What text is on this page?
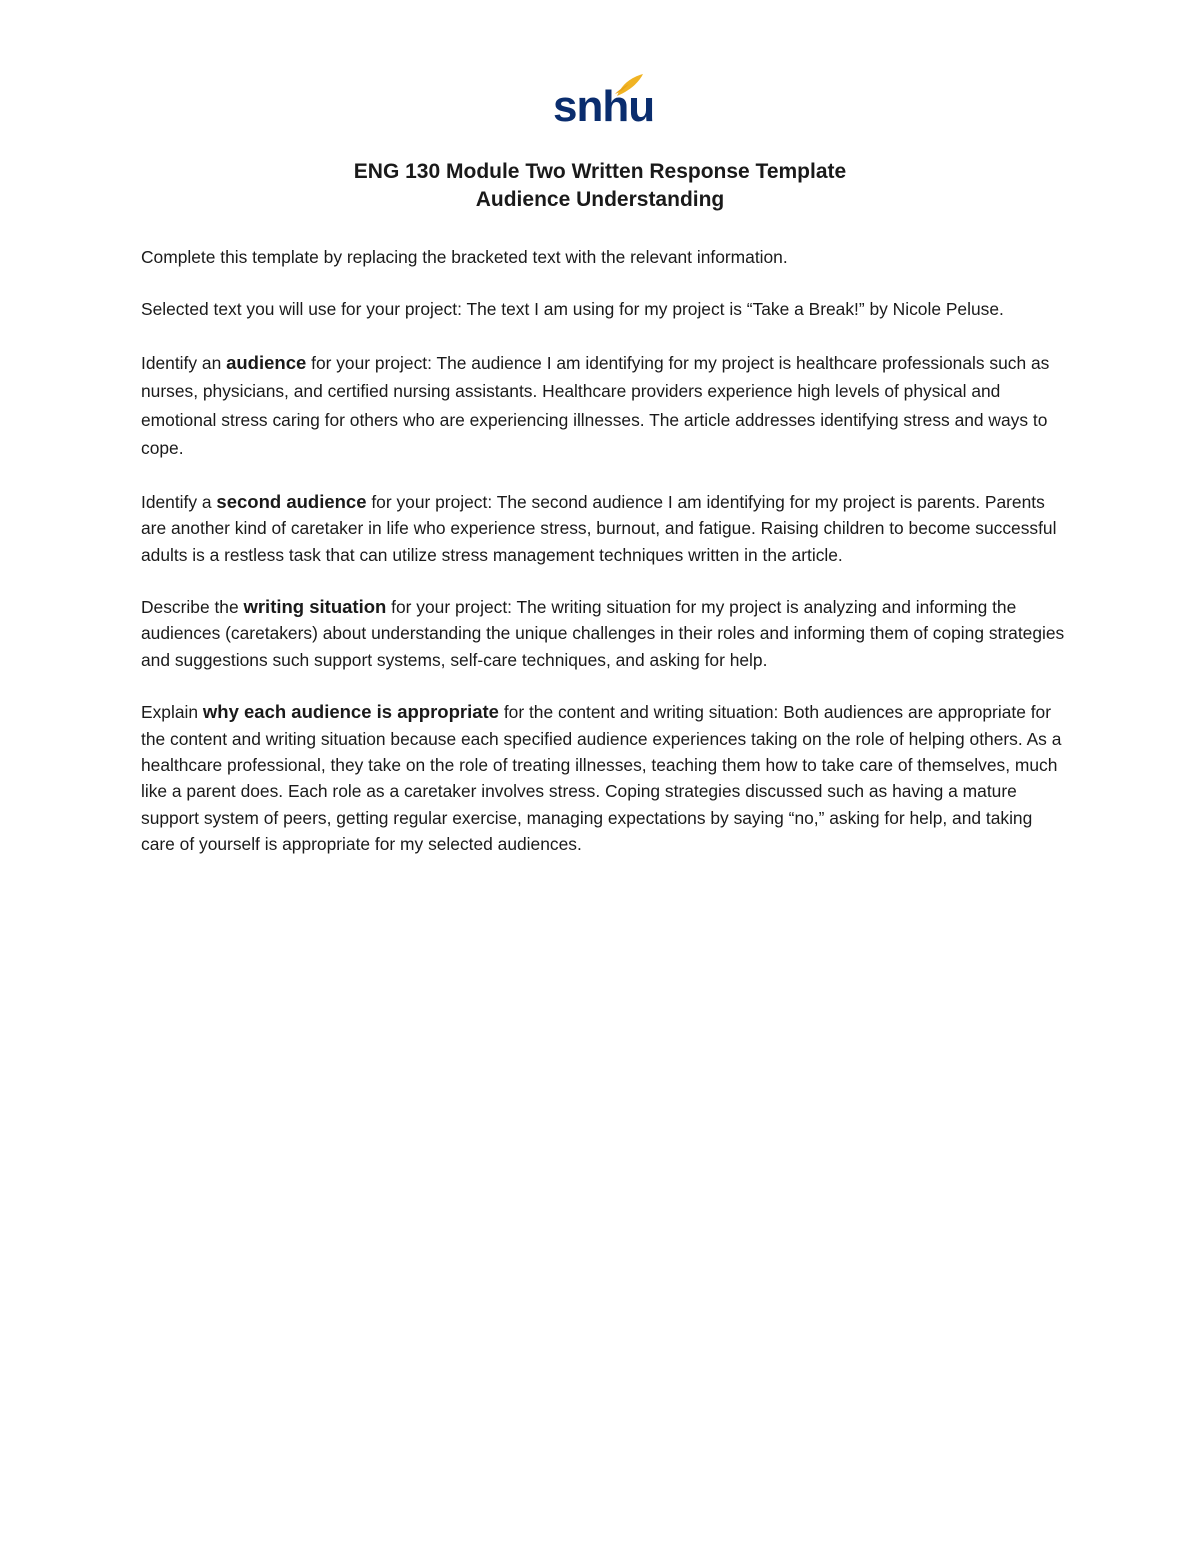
snhu
ENG 130 Module Two Written Response Template
Audience Understanding

Complete this template by replacing the bracketed text with the relevant information.

Selected text you will use for your project: The text I am using for my project is “Take a Break!” by Nicole Peluse.

Identify an audience for your project: The audience I am identifying for my project is healthcare professionals such as nurses, physicians, and certified nursing assistants. Healthcare providers experience high levels of physical and emotional stress caring for others who are experiencing illnesses. The article addresses identifying stress and ways to cope.

Identify a second audience for your project: The second audience I am identifying for my project is parents. Parents are another kind of caretaker in life who experience stress, burnout, and fatigue. Raising children to become successful adults is a restless task that can utilize stress management techniques written in the article.

Describe the writing situation for your project: The writing situation for my project is analyzing and informing the audiences (caretakers) about understanding the unique challenges in their roles and informing them of coping strategies and suggestions such support systems, self-care techniques, and asking for help.

Explain why each audience is appropriate for the content and writing situation: Both audiences are appropriate for the content and writing situation because each specified audience experiences taking on the role of helping others. As a healthcare professional, they take on the role of treating illnesses, teaching them how to take care of themselves, much like a parent does. Each role as a caretaker involves stress. Coping strategies discussed such as having a mature support system of peers, getting regular exercise, managing expectations by saying “no,” asking for help, and taking care of yourself is appropriate for my selected audiences.
